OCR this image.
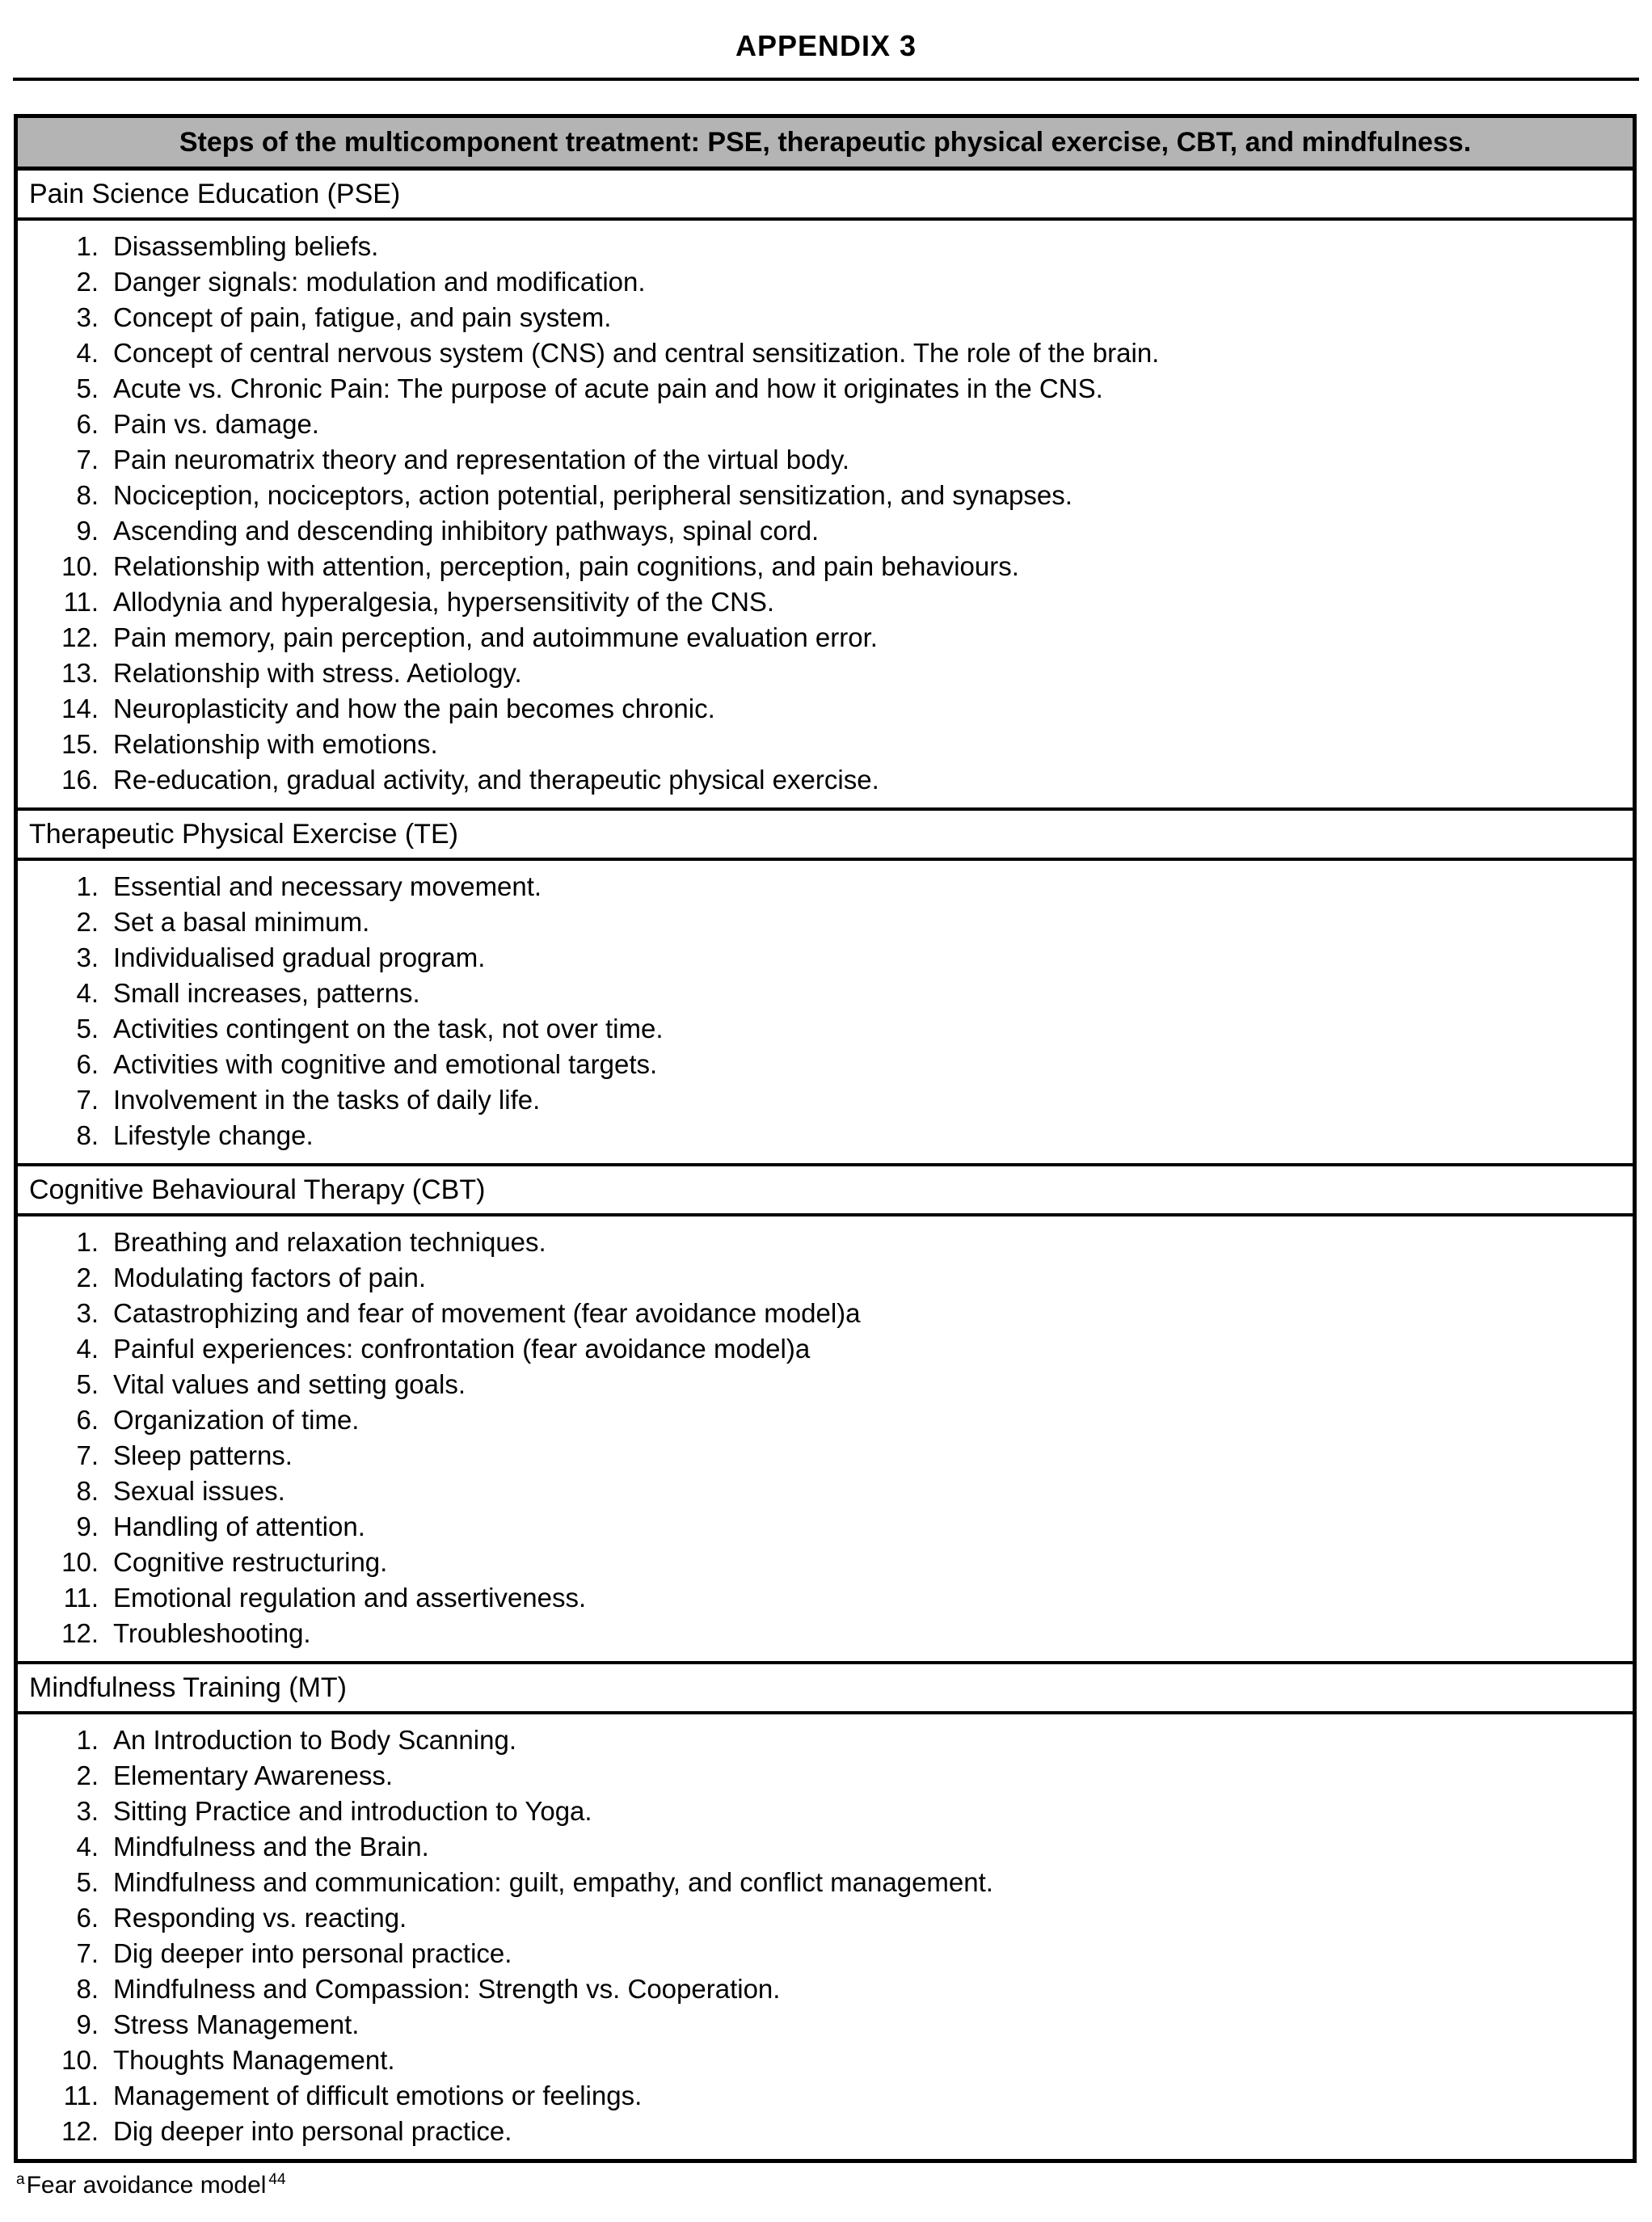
APPENDIX 3
Steps of the multicomponent treatment: PSE, therapeutic physical exercise, CBT, and mindfulness.
Pain Science Education (PSE)
1. Disassembling beliefs.
2. Danger signals: modulation and modification.
3. Concept of pain, fatigue, and pain system.
4. Concept of central nervous system (CNS) and central sensitization. The role of the brain.
5. Acute vs. Chronic Pain: The purpose of acute pain and how it originates in the CNS.
6. Pain vs. damage.
7. Pain neuromatrix theory and representation of the virtual body.
8. Nociception, nociceptors, action potential, peripheral sensitization, and synapses.
9. Ascending and descending inhibitory pathways, spinal cord.
10. Relationship with attention, perception, pain cognitions, and pain behaviours.
11. Allodynia and hyperalgesia, hypersensitivity of the CNS.
12. Pain memory, pain perception, and autoimmune evaluation error.
13. Relationship with stress. Aetiology.
14. Neuroplasticity and how the pain becomes chronic.
15. Relationship with emotions.
16. Re-education, gradual activity, and therapeutic physical exercise.
Therapeutic Physical Exercise (TE)
1. Essential and necessary movement.
2. Set a basal minimum.
3. Individualised gradual program.
4. Small increases, patterns.
5. Activities contingent on the task, not over time.
6. Activities with cognitive and emotional targets.
7. Involvement in the tasks of daily life.
8. Lifestyle change.
Cognitive Behavioural Therapy (CBT)
1. Breathing and relaxation techniques.
2. Modulating factors of pain.
3. Catastrophizing and fear of movement (fear avoidance model)a
4. Painful experiences: confrontation (fear avoidance model)a
5. Vital values and setting goals.
6. Organization of time.
7. Sleep patterns.
8. Sexual issues.
9. Handling of attention.
10. Cognitive restructuring.
11. Emotional regulation and assertiveness.
12. Troubleshooting.
Mindfulness Training (MT)
1. An Introduction to Body Scanning.
2. Elementary Awareness.
3. Sitting Practice and introduction to Yoga.
4. Mindfulness and the Brain.
5. Mindfulness and communication: guilt, empathy, and conflict management.
6. Responding vs. reacting.
7. Dig deeper into personal practice.
8. Mindfulness and Compassion: Strength vs. Cooperation.
9. Stress Management.
10. Thoughts Management.
11. Management of difficult emotions or feelings.
12. Dig deeper into personal practice.
$^a$Fear avoidance model $^{44}$
